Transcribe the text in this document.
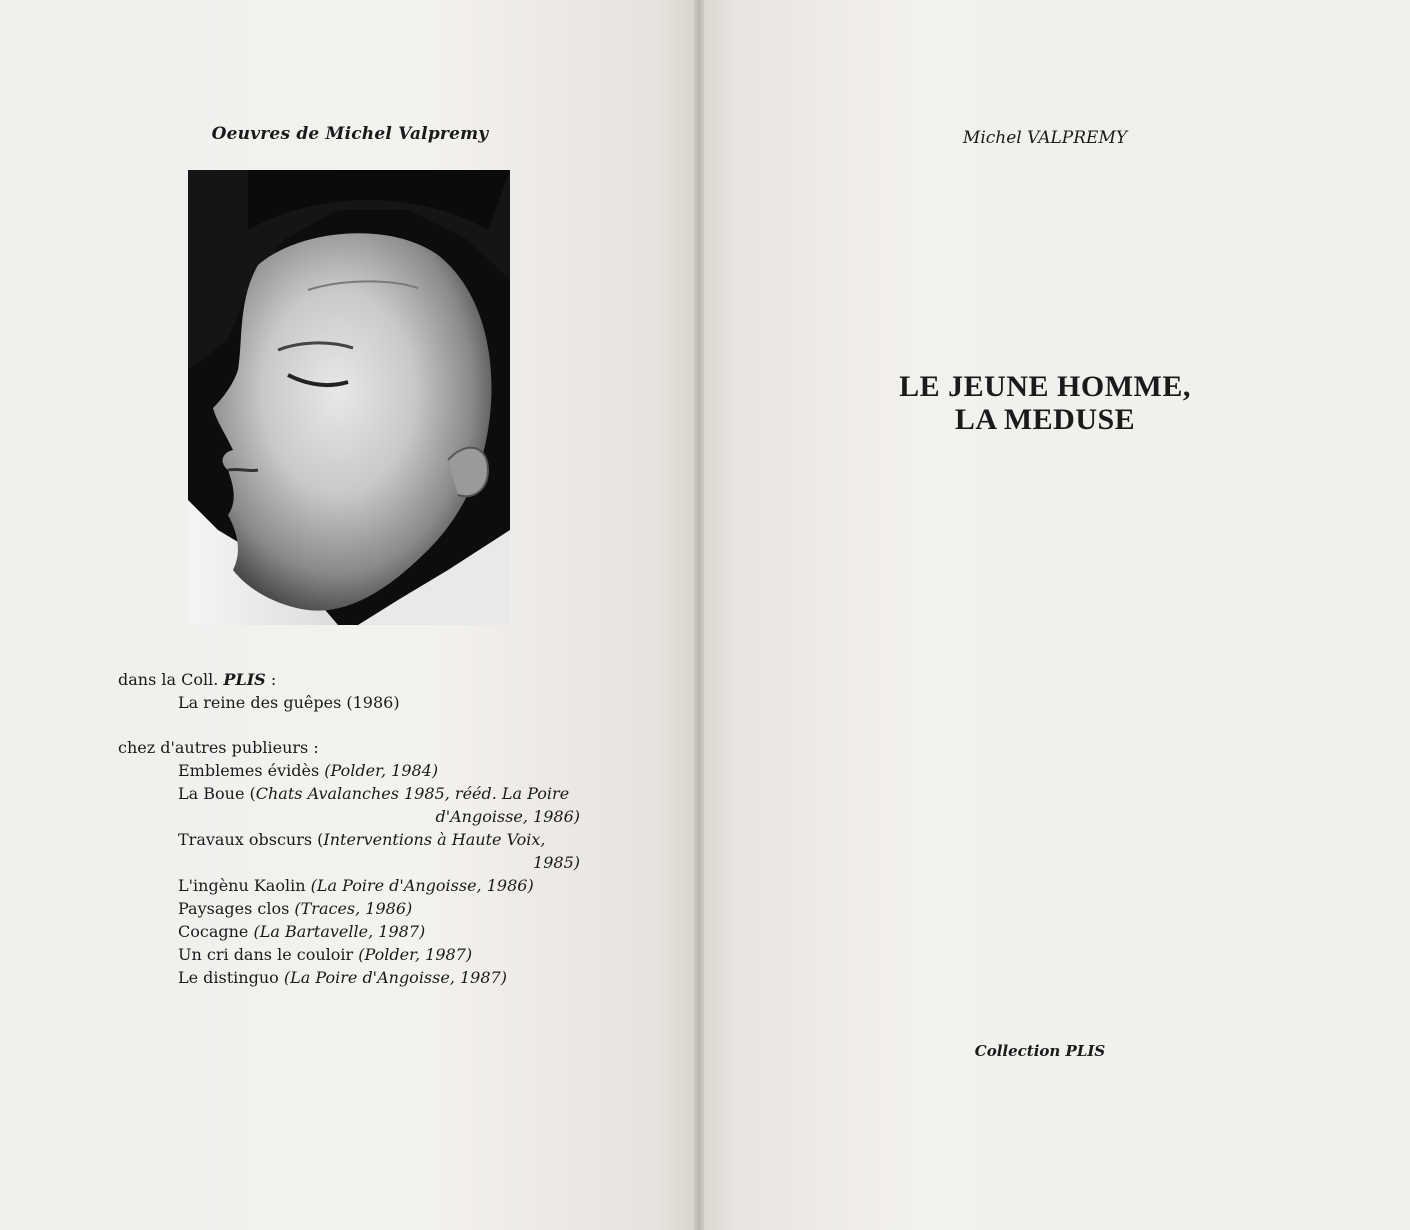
Oeuvres de Michel Valpremy
dans la Coll. PLIS :
La reine des guêpes (1986)
chez d'autres publieurs :
Emblemes évidès (Polder, 1984)
La Boue (Chats Avalanches 1985, rééd. La Poire
d'Angoisse, 1986)
Travaux obscurs (Interventions à Haute Voix,
1985)
L'ingènu Kaolin (La Poire d'Angoisse, 1986)
Paysages clos (Traces, 1986)
Cocagne (La Bartavelle, 1987)
Un cri dans le couloir (Polder, 1987)
Le distinguo (La Poire d'Angoisse, 1987)

Michel VALPREMY
LE JEUNE HOMME,
LA MEDUSE
Collection PLIS
